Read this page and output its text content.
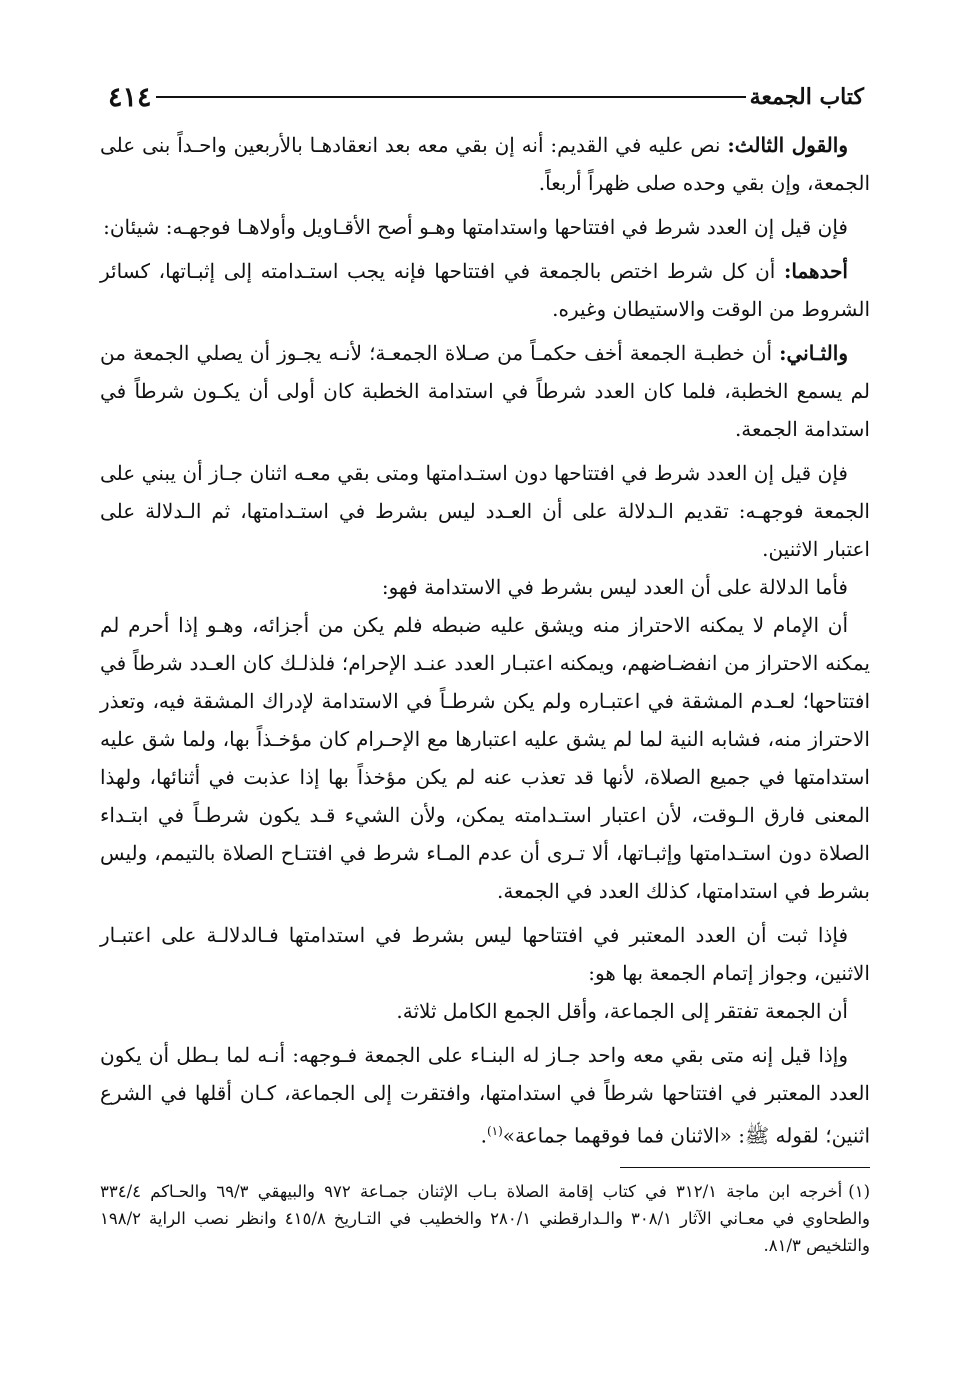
كتاب الجمعة
٤١٤

والقول الثالث: نص عليه في القديم: أنه إن بقي معه بعد انعقادهـا بالأربعين واحـداً بنى على الجمعة، وإن بقي وحده صلى ظهراً أربعاً.

فإن قيل إن العدد شرط في افتتاحها واستدامتها وهـو أصح الأقـاويل وأولاهـا فوجهـه: شيئان:

أحدهما: أن كل شرط اختص بالجمعة في افتتاحها فإنه يجب استـدامته إلى إثبـاتها، كسائر الشروط من الوقت والاستيطان وغيره.

والثـاني: أن خطبـة الجمعة أخف حكمـاً من صـلاة الجمعـة؛ لأنـه يجـوز أن يصلي الجمعة من لم يسمع الخطبة، فلما كان العدد شرطاً في استدامة الخطبة كان أولى أن يكـون شرطاً في استدامة الجمعة.

فإن قيل إن العدد شرط في افتتاحها دون استـدامتها ومتى بقي معـه اثنان جـاز أن يبني على الجمعة فوجهـه: تقديم الـدلالة على أن العـدد ليس بشرط في استـدامتها، ثم الـدلالة على اعتبار الاثنين.

فأما الدلالة على أن العدد ليس بشرط في الاستدامة فهو:

أن الإمام لا يمكنه الاحتراز منه ويشق عليه ضبطه فلم يكن من أجزائه، وهـو إذا أحرم لم يمكنه الاحتراز من انفضـاضهم، ويمكنه اعتبـار العدد عنـد الإحرام؛ فلذلـك كان العـدد شرطاً في افتتاحها؛ لعـدم المشقة في اعتبـاره ولم يكن شرطـاً في الاستدامة لإدراك المشقة فيه، وتعذر الاحتراز منه، فشابه النية لما لم يشق عليه اعتبارها مع الإحـرام كان مؤخـذاً بها، ولما شق عليه استدامتها في جميع الصلاة، لأنها قد تعذب عنه لم يكن مؤخذاً بها إذا عذبت في أثنائها، ولهذا المعنى فارق الـوقت، لأن اعتبار استـدامته يمكن، ولأن الشيء قـد يكون شرطـاً في ابتـداء الصلاة دون استـدامتها وإثبـاتها، ألا تـرى أن عدم المـاء شرط في افتتـاح الصلاة بالتيمم، وليس بشرط في استدامتها، كذلك العدد في الجمعة.

فإذا ثبت أن العدد المعتبر في افتتاحها ليس بشرط في استدامتها فـالدلالـة على اعتبـار الاثنين، وجواز إتمام الجمعة بها هو:

أن الجمعة تفتقر إلى الجماعة، وأقل الجمع الكامل ثلاثة.

وإذا قيل إنه متى بقي معه واحد جـاز له البنـاء على الجمعة فـوجهه: أنـه لما بـطل أن يكون العدد المعتبر في افتتاحها شرطاً في استدامتها، وافتقرت إلى الجماعة، كـان أقلها في الشرع اثنين؛ لقوله ﷺ: «الاثنان فما فوقهما جماعة»$^{(١)}$.

(١)أخرجه ابن ماجة ٣١٢/١ في كتاب إقامة الصلاة بـاب الإثنان جمـاعة ٩٧٢ والبيهقي ٦٩/٣ والحـاكم ٣٣٤/٤ والطحاوي في معـاني الآثار ٣٠٨/١ والـدارقطني ٢٨٠/١ والخطيب في التـاريخ ٤١٥/٨ وانظر نصب الراية ١٩٨/٢ والتلخيص ٨١/٣.
